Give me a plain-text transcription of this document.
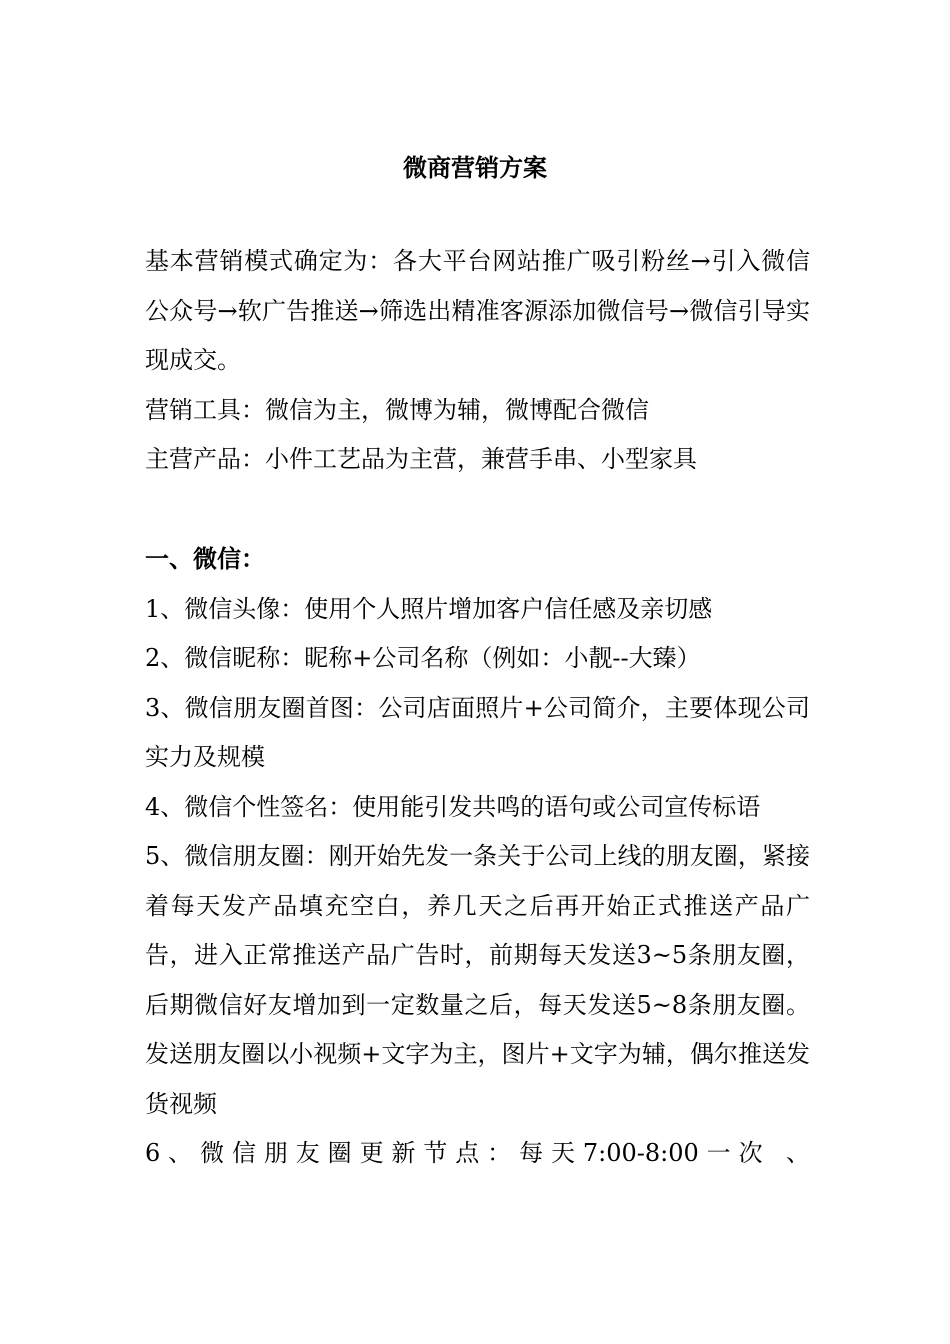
微商营销方案

基本营销模式确定为：各大平台网站推广吸引粉丝→引入微信公众号→软广告推送→筛选出精准客源添加微信号→微信引导实现成交。

营销工具：微信为主，微博为辅，微博配合微信

主营产品：小件工艺品为主营，兼营手串、小型家具

一、微信：

1、微信头像：使用个人照片增加客户信任感及亲切感

2、微信昵称：昵称+公司名称（例如：小靓--大臻）

3、微信朋友圈首图：公司店面照片+公司简介，主要体现公司实力及规模

4、微信个性签名：使用能引发共鸣的语句或公司宣传标语

5、微信朋友圈：刚开始先发一条关于公司上线的朋友圈，紧接着每天发产品填充空白，养几天之后再开始正式推送产品广告，进入正常推送产品广告时，前期每天发送3~5条朋友圈，后期微信好友增加到一定数量之后，每天发送5~8条朋友圈。发送朋友圈以小视频+文字为主，图片+文字为辅，偶尔推送发货视频

6、微信朋友圈更新节点：每天7:00-8:00一次 、
